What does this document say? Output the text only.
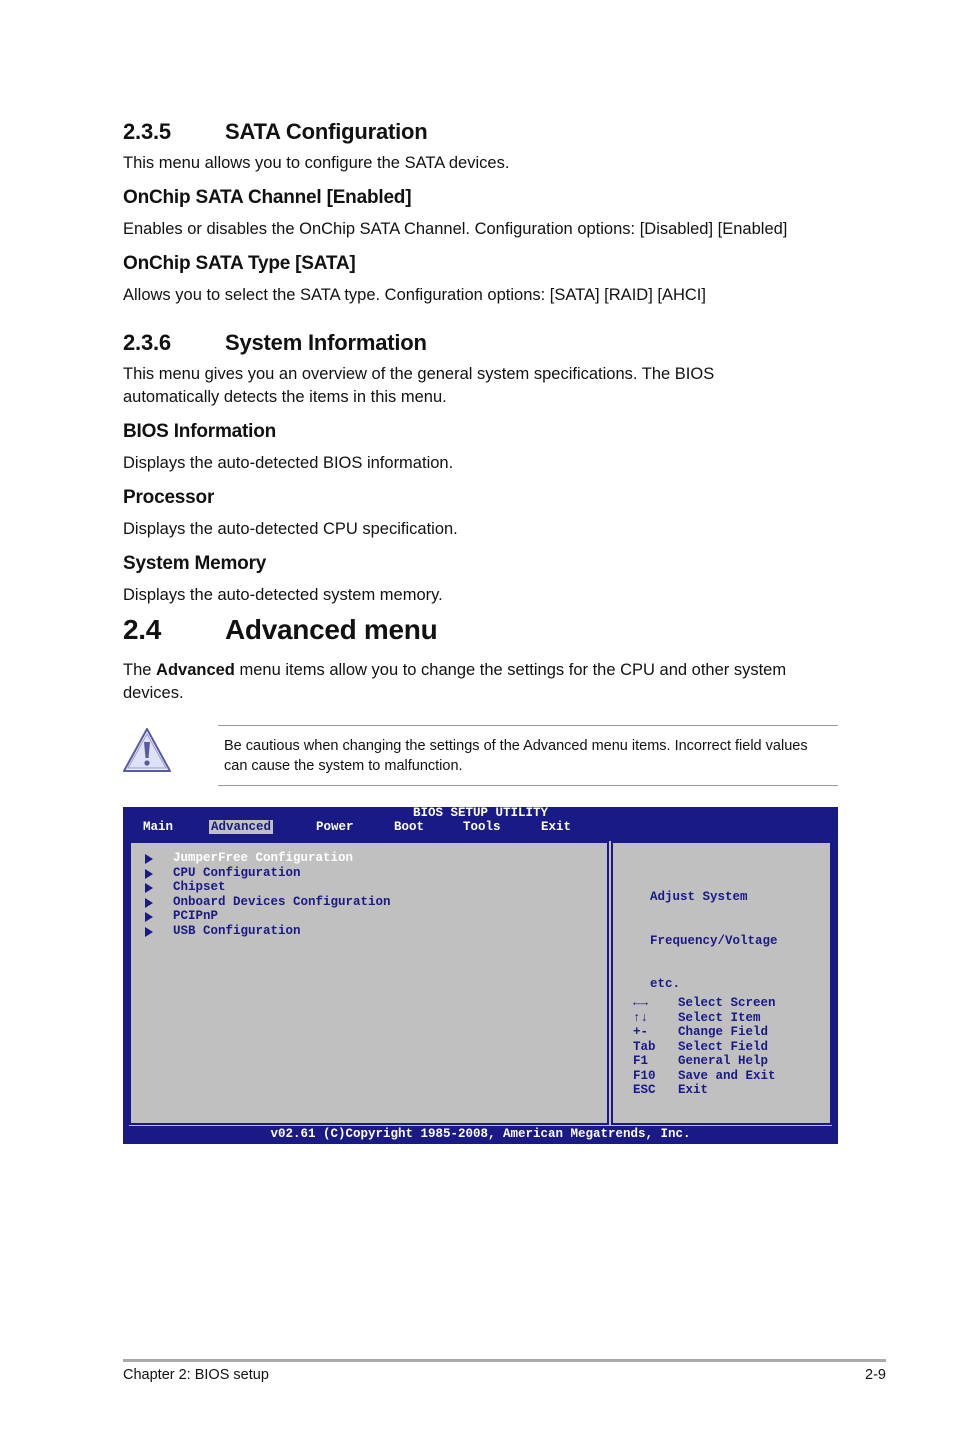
2.3.5 SATA Configuration
This menu allows you to configure the SATA devices.
OnChip SATA Channel [Enabled]
Enables or disables the OnChip SATA Channel. Configuration options: [Disabled] [Enabled]
OnChip SATA Type [SATA]
Allows you to select the SATA type. Configuration options: [SATA] [RAID] [AHCI]
2.3.6 System Information
This menu gives you an overview of the general system specifications. The BIOS
automatically detects the items in this menu.
BIOS Information
Displays the auto-detected BIOS information.
Processor
Displays the auto-detected CPU specification.
System Memory
Displays the auto-detected system memory.
2.4 Advanced menu
The Advanced menu items allow you to change the settings for the CPU and other system
devices.
Be cautious when changing the settings of the Advanced menu items. Incorrect field values
can cause the system to malfunction.
BIOS SETUP UTILITY
Main	Advanced	Power	Boot	Tools	Exit
JumperFree Configuration
CPU Configuration
Chipset
Onboard Devices Configuration
PCIPnP
USB Configuration

Adjust System

Frequency/Voltage

etc.

←→ Select Screen
↑↓ Select Item
+- Change Field
Tab Select Field
F1 General Help
F10 Save and Exit
ESC Exit
v02.61 (C)Copyright 1985-2008, American Megatrends, Inc.
Chapter 2: BIOS setup	2-9
